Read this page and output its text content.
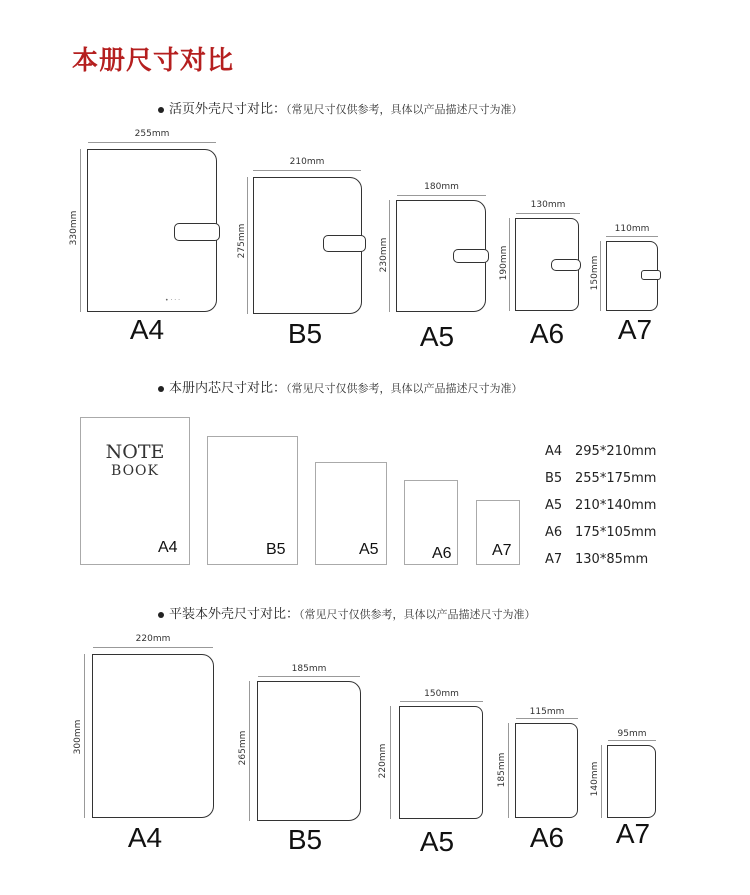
本册尺寸对比
活页外壳尺寸对比：（常见尺寸仅供参考，具体以产品描述尺寸为准）
255mm
330mm
• · · ·
A4
210mm
275mm
B5
180mm
230mm
A5
130mm
190mm
A6
110mm
150mm
A7
本册内芯尺寸对比：（常见尺寸仅供参考，具体以产品描述尺寸为准）
NOTE
BOOK
A4	B5	A5	A6	A7
A4 295*210mm
B5 255*175mm
A5 210*140mm
A6 175*105mm
A7 130*85mm
平装本外壳尺寸对比：（常见尺寸仅供参考，具体以产品描述尺寸为准）
220mm
300mm
A4
185mm
265mm
B5
150mm
220mm
A5
115mm
185mm
A6
95mm
140mm
A7
